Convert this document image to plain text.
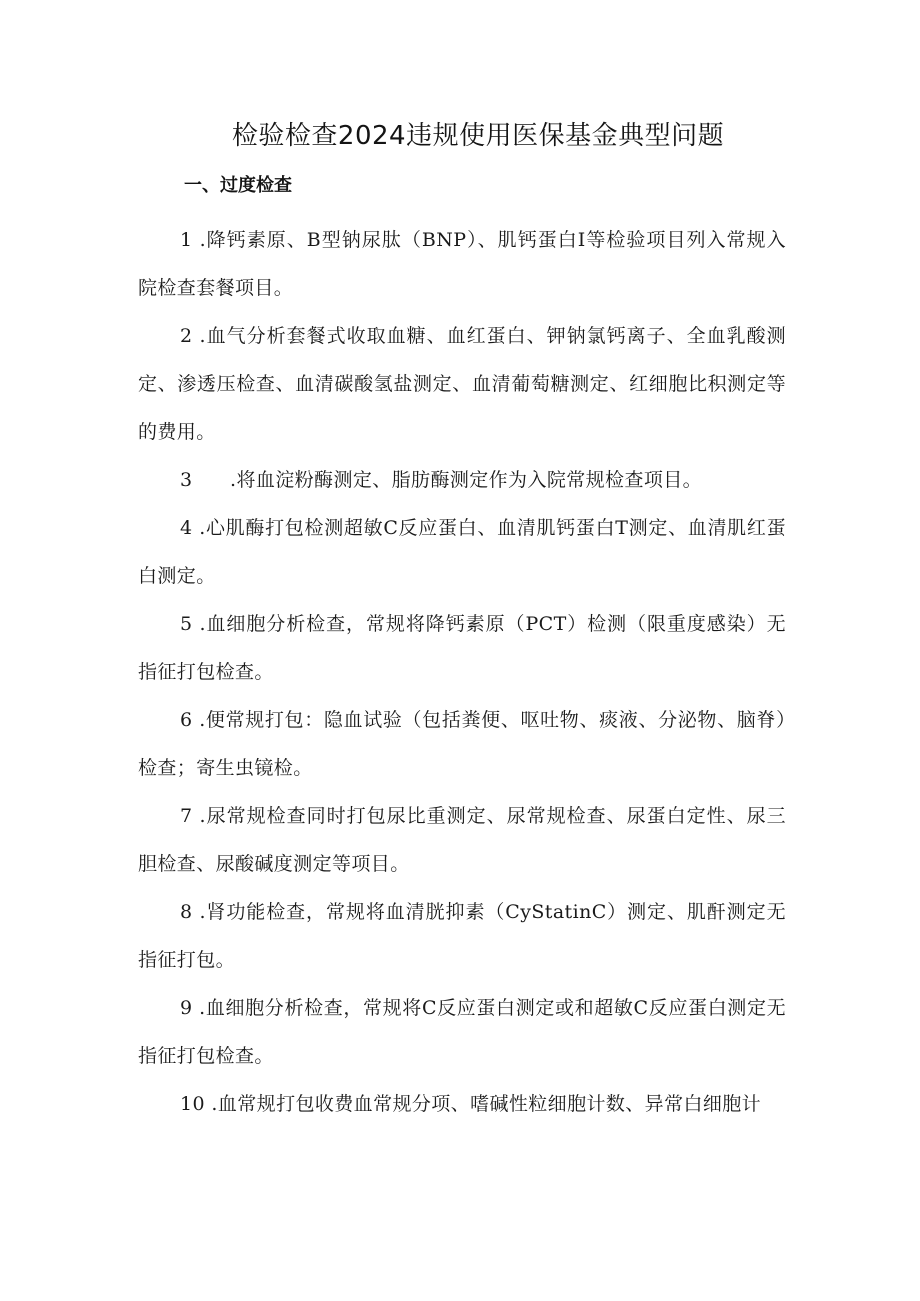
检验检查2024违规使用医保基金典型问题
一、过度检查

1 .降钙素原、B型钠尿肽（BNP）、肌钙蛋白I等检验项目列入常规入院检查套餐项目。

2 .血气分析套餐式收取血糖、血红蛋白、钾钠氯钙离子、全血乳酸测定、渗透压检查、血清碳酸氢盐测定、血清葡萄糖测定、红细胞比积测定等的费用。

3 .将血淀粉酶测定、脂肪酶测定作为入院常规检查项目。

4 .心肌酶打包检测超敏C反应蛋白、血清肌钙蛋白T测定、血清肌红蛋白测定。

5 .血细胞分析检查，常规将降钙素原（PCT）检测（限重度感染）无指征打包检查。

6 .便常规打包：隐血试验（包括粪便、呕吐物、痰液、分泌物、脑脊）检查；寄生虫镜检。

7 .尿常规检查同时打包尿比重测定、尿常规检查、尿蛋白定性、尿三胆检查、尿酸碱度测定等项目。

8 .肾功能检查，常规将血清胱抑素（CyStatinC）测定、肌酐测定无指征打包。

9 .血细胞分析检查，常规将C反应蛋白测定或和超敏C反应蛋白测定无指征打包检查。

10 .血常规打包收费血常规分项、嗜碱性粒细胞计数、异常白细胞计
